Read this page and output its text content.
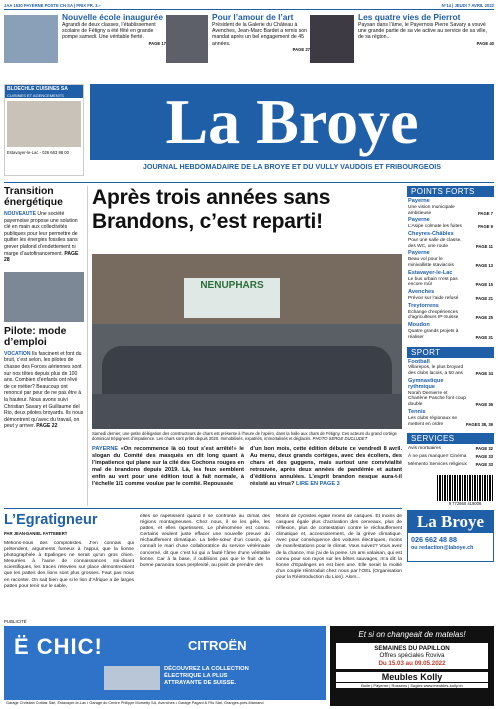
JAA 1530 PAYERNE POSTE CH SA | PRIX FR. 3.–	N°14 | JEUDI 7 AVRIL 2022
Nouvelle école inaugurée
Agrandi de deux classes, l’établissement scolaire de Fétigny a été fêté en grande pompe samedi. Une véritable fierté.
PAGE 17
Pour l’amour de l’art
Président de la Galerie du Château à Avenches, Jean-Marc Bardet a remis son mandat après un bel engagement de 45 années.
PAGE 27
Les quatre vies de Pierrot
Paysan dans l’âme, le Payernois Pierre Savary a vouvé une grande partie de sa vie active au service de sa ville, de sa région...
PAGE 40
BLOECHLE CUISINES SA
CUISINES ET AGENCEMENTS
Estavayer-le-Lac - 026 663 98 00	La Broye
JOURNAL HEBDOMADAIRE DE LA BROYE ET DU VULLY VAUDOIS ET FRIBOURGEOIS
Transition énergétique
NOUVEAUTÉ Une société payernoise propose une solution clé en main aux collectivités publiques pour leur permettre de quitter les énergies fossiles sans grever plafond d’endettement ni marge d’autofinancement. PAGE 28
Pilote: mode d’emploi
VOCATION Ils fascinent et font du bruit, c’est selon, les pilotes de chasse des Forces aériennes sont sur nos têtes depuis plus de 100 ans. Combien d’enfants ont rêvé de ce métier? Beaucoup ont renoncé par peur de ne pas être à la hauteur. Nous avons suivi Christian Savary et Guillaume del Rio, deux pilotes broyards. Ils nous démontrent qu’avec du travail, on peut y arriver. PAGE 22
Après trois années sans Brandons, c’est reparti!
NENUPHARS
Samedi dernier, une petite délégation des constructeurs de chars est présente à l’heure de l’apéro, dans la halle aux chars de Fétigny. Ces acteurs du grand cortège dominical trépignent d’impatience. Les chars sont prêts depuis 2020. Immobilisés, expatriés, immortalisés et déglacés. PHOTO SERGE DUCLUDET
PAYERNE «On recommence là où tout s’est arrêté!» le slogan du Comité des masqués en dit long quant à l’impatience qui plane sur la cité des Cochons rouges en mal de brandons depuis 2019. Là, les feux semblent enfin au vert pour une édition tout à fait normale, à l’échelle 1/1 comme voulue par le comité. Repoussée
d’un bon mois, cette édition débute ce vendredi 8 avril. Au menu, deux grands cortèges, avec des écoliers, des chars et des guggens, mais surtout une convivialité retrouvée, après deux années de pandémie et autant d’éditions annulées. L’esprit brandon nesque aura-t-il résisté au virus? LIRE EN PAGE 3
L’Egratigneur
PAR JEAN-DANIEL FATTEBERT
Méfions-nous des complotistes. J’en connais qui prétendent, arguments fumeux à l’appui, que la lionne photographiée à Epalinges ne serait qu’un gros chien. Mesurées à l’aune de connaissances soi-disant scientifiques, les traces relevées sur place démontreraient que les pattes des lions sont plus grosses. Faut pas nous en raconter. On sait bien que si le lion d’Afrique a de larges pattes pour tenir sur le sable,
elles se rapetissent quand il se confronte au climat des régions montagneuses. Chez nous, il se les gèle, les pattes, et elles rapetissent. Le phénomène est connu. Certains veulent juste effacer une nouvelle preuve du réchauffement climatique. La belle-sœur d’un cousin, qui connaît le mari d’une collaboratrice du service vétérinaire concerné, dit que c’est lui qui a fauté l’âme d’une véritable lionne. Car à la base, il oubliions pas que le fruit de la bonne paranoïa sous perplexité, au point de prendre des
Moins de cyclistes égale moins de casques. Et moins de casques égale plus d’activation des cerveaux, plus de réflexion, plus de contestation contre le réchauffement climatique et, accessoirement, de la grève climatique. Avec pour conséquence des voitures électriques, moins de manifestations pour le climat. Vous suivez? Vous avez de la chance, moi j’ai de la peine. Un ami valaisan, qui est connu pour son rayon sur les bêtes sauvages, m’a dit: la lionne d’Epalinges en est bien une. Elle serait la moitié d’un couple réintroduit chez nous par l’OEL (Organisation pour la Réintroduction du Lion). Alors...
POINTS FORTS
Payerne
Une vision municipale ambitieuse	PAGE 7
Payerne
L’Asipe colmate les fuites	PAGE 9
Cheyres-Châbles
Pour une salle de classe, des WC, une route	PAGE 11
Payerne
Beau vol pour le minivalliste staviacois	PAGE 13
Estavayer-le-Lac
Le bus urbain n’est pas encore mûr	PAGE 15
Avenches
Prévoir sur l’aide refusé	PAGE 21
Treytorrens
Echange d’expériences d’agriculteurs IP-Suisse	PAGE 25
Moudon
Quatre grands projets à réaliser	PAGE 31
SPORT
Football
Villarepos, le plus broyard des clubs lacois, a 50 ans	PAGE 34
Gymnastique rythmique
Norah Demierre et Charlène Pasche font coup double	PAGE 36
Tennis
Les clubs régionaux se mettent en ordre	PAGES 38, 39
SERVICES
Avis mortuaires	PAGE 32
À ne pas manquer! Cinéma PAGE 33
Mémento Services religieux PAGE 33
9 772660 419006
La Broye
026 662 48 88
ou redaction@laboye.ch
PUBLICITÉ
Ë CHIC!	CITROËN
DÉCOUVREZ LA COLLECTION
ÉLECTRIQUE LA PLUS
ATTRAYANTE DE SUISSE.
Garage Christian Cottiaz Sàrl, Estavayer-le-Lac • Garage du Centre Philippe Morsetty SA, Avenches • Garage Pagani & Fils Sàrl, Granges-près-Marnand
Et si on changeait de matelas!
SEMAINES DU PAPILLON
Offres spéciales Roviva
Du 15.03 au 09.05.2022
Meubles Kolly
Bulle | Payerne | Rossens | Sugiez www.meubles-kolly.ch
